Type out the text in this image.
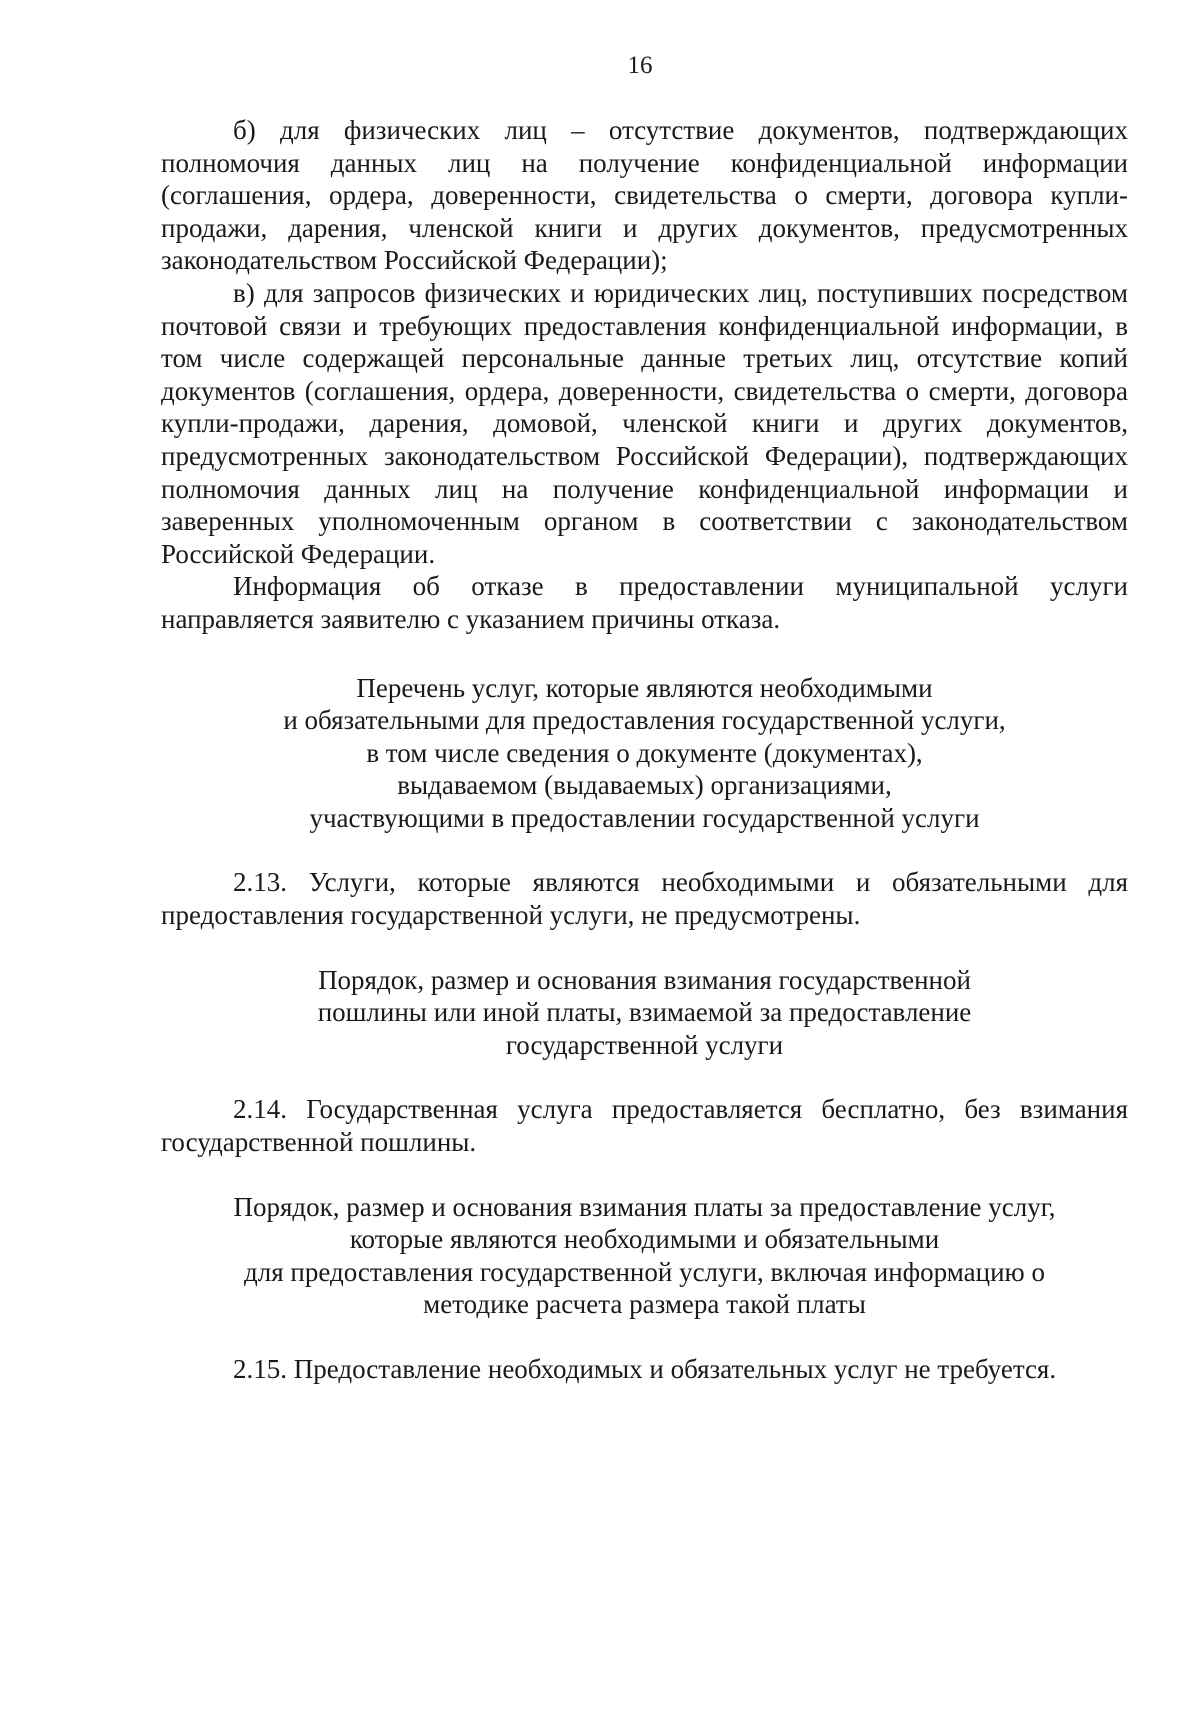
16

б) для физических лиц – отсутствие документов, подтверждающих полномочия данных лиц на получение конфиденциальной информации (соглашения, ордера, доверенности, свидетельства о смерти, договора купли-продажи, дарения, членской книги и других документов, предусмотренных законодательством Российской Федерации);

в) для запросов физических и юридических лиц, поступивших посредством почтовой связи и требующих предоставления конфиденциальной информации, в том числе содержащей персональные данные третьих лиц, отсутствие копий документов (соглашения, ордера, доверенности, свидетельства о смерти, договора купли-продажи, дарения, домовой, членской книги и других документов, предусмотренных законодательством Российской Федерации), подтверждающих полномочия данных лиц на получение конфиденциальной информации и заверенных уполномоченным органом в соответствии с законодательством Российской Федерации.

Информация об отказе в предоставлении муниципальной услуги направляется заявителю с указанием причины отказа.

Перечень услуг, которые являются необходимыми
и обязательными для предоставления государственной услуги,
в том числе сведения о документе (документах),
выдаваемом (выдаваемых) организациями,
участвующими в предоставлении государственной услуги

2.13. Услуги, которые являются необходимыми и обязательными для предоставления государственной услуги, не предусмотрены.

Порядок, размер и основания взимания государственной
пошлины или иной платы, взимаемой за предоставление
государственной услуги

2.14. Государственная услуга предоставляется бесплатно, без взимания государственной пошлины.

Порядок, размер и основания взимания платы за предоставление услуг,
которые являются необходимыми и обязательными
для предоставления государственной услуги, включая информацию о
методике расчета размера такой платы

2.15. Предоставление необходимых и обязательных услуг не требуется.
